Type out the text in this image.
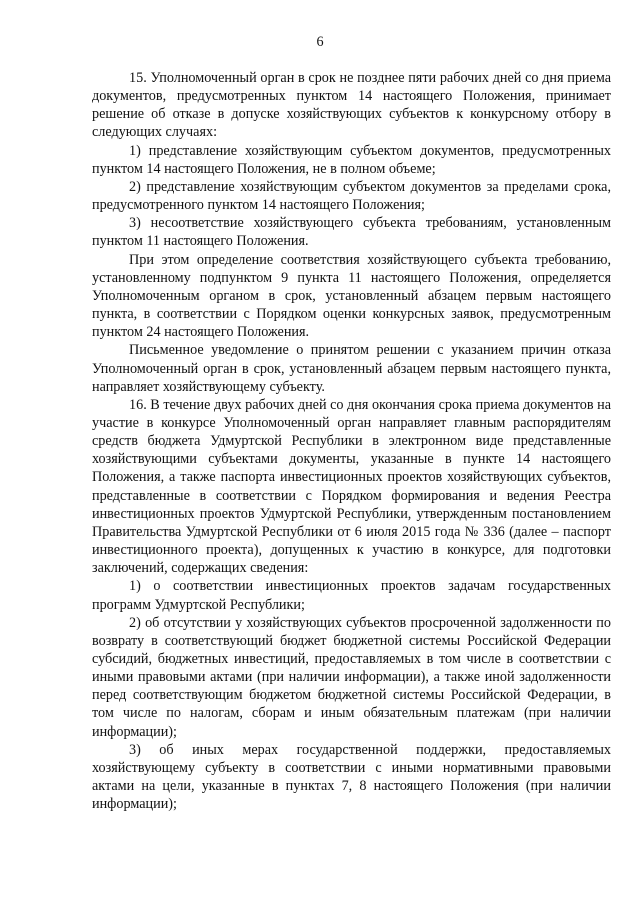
6

15. Уполномоченный орган в срок не позднее пяти рабочих дней со дня приема документов, предусмотренных пунктом 14 настоящего Положения, принимает решение об отказе в допуске хозяйствующих субъектов к конкурсному отбору в следующих случаях:

1) представление хозяйствующим субъектом документов, предусмотренных пунктом 14 настоящего Положения, не в полном объеме;

2) представление хозяйствующим субъектом документов за пределами срока, предусмотренного пунктом 14 настоящего Положения;

3) несоответствие хозяйствующего субъекта требованиям, установленным пунктом 11 настоящего Положения.

При этом определение соответствия хозяйствующего субъекта требованию, установленному подпунктом 9 пункта 11 настоящего Положения, определяется Уполномоченным органом в срок, установленный абзацем первым настоящего пункта, в соответствии с Порядком оценки конкурсных заявок, предусмотренным пунктом 24 настоящего Положения.

Письменное уведомление о принятом решении с указанием причин отказа Уполномоченный орган в срок, установленный абзацем первым настоящего пункта, направляет хозяйствующему субъекту.

16. В течение двух рабочих дней со дня окончания срока приема документов на участие в конкурсе Уполномоченный орган направляет главным распорядителям средств бюджета Удмуртской Республики в электронном виде представленные хозяйствующими субъектами документы, указанные в пункте 14 настоящего Положения, а также паспорта инвестиционных проектов хозяйствующих субъектов, представленные в соответствии с Порядком формирования и ведения Реестра инвестиционных проектов Удмуртской Республики, утвержденным постановлением Правительства Удмуртской Республики от 6 июля 2015 года № 336 (далее – паспорт инвестиционного проекта), допущенных к участию в конкурсе, для подготовки заключений, содержащих сведения:

1) о соответствии инвестиционных проектов задачам государственных программ Удмуртской Республики;

2) об отсутствии у хозяйствующих субъектов просроченной задолженности по возврату в соответствующий бюджет бюджетной системы Российской Федерации субсидий, бюджетных инвестиций, предоставляемых в том числе в соответствии с иными правовыми актами (при наличии информации), а также иной задолженности перед соответствующим бюджетом бюджетной системы Российской Федерации, в том числе по налогам, сборам и иным обязательным платежам (при наличии информации);

3) об иных мерах государственной поддержки, предоставляемых хозяйствующему субъекту в соответствии с иными нормативными правовыми актами на цели, указанные в пунктах 7, 8 настоящего Положения (при наличии информации);
